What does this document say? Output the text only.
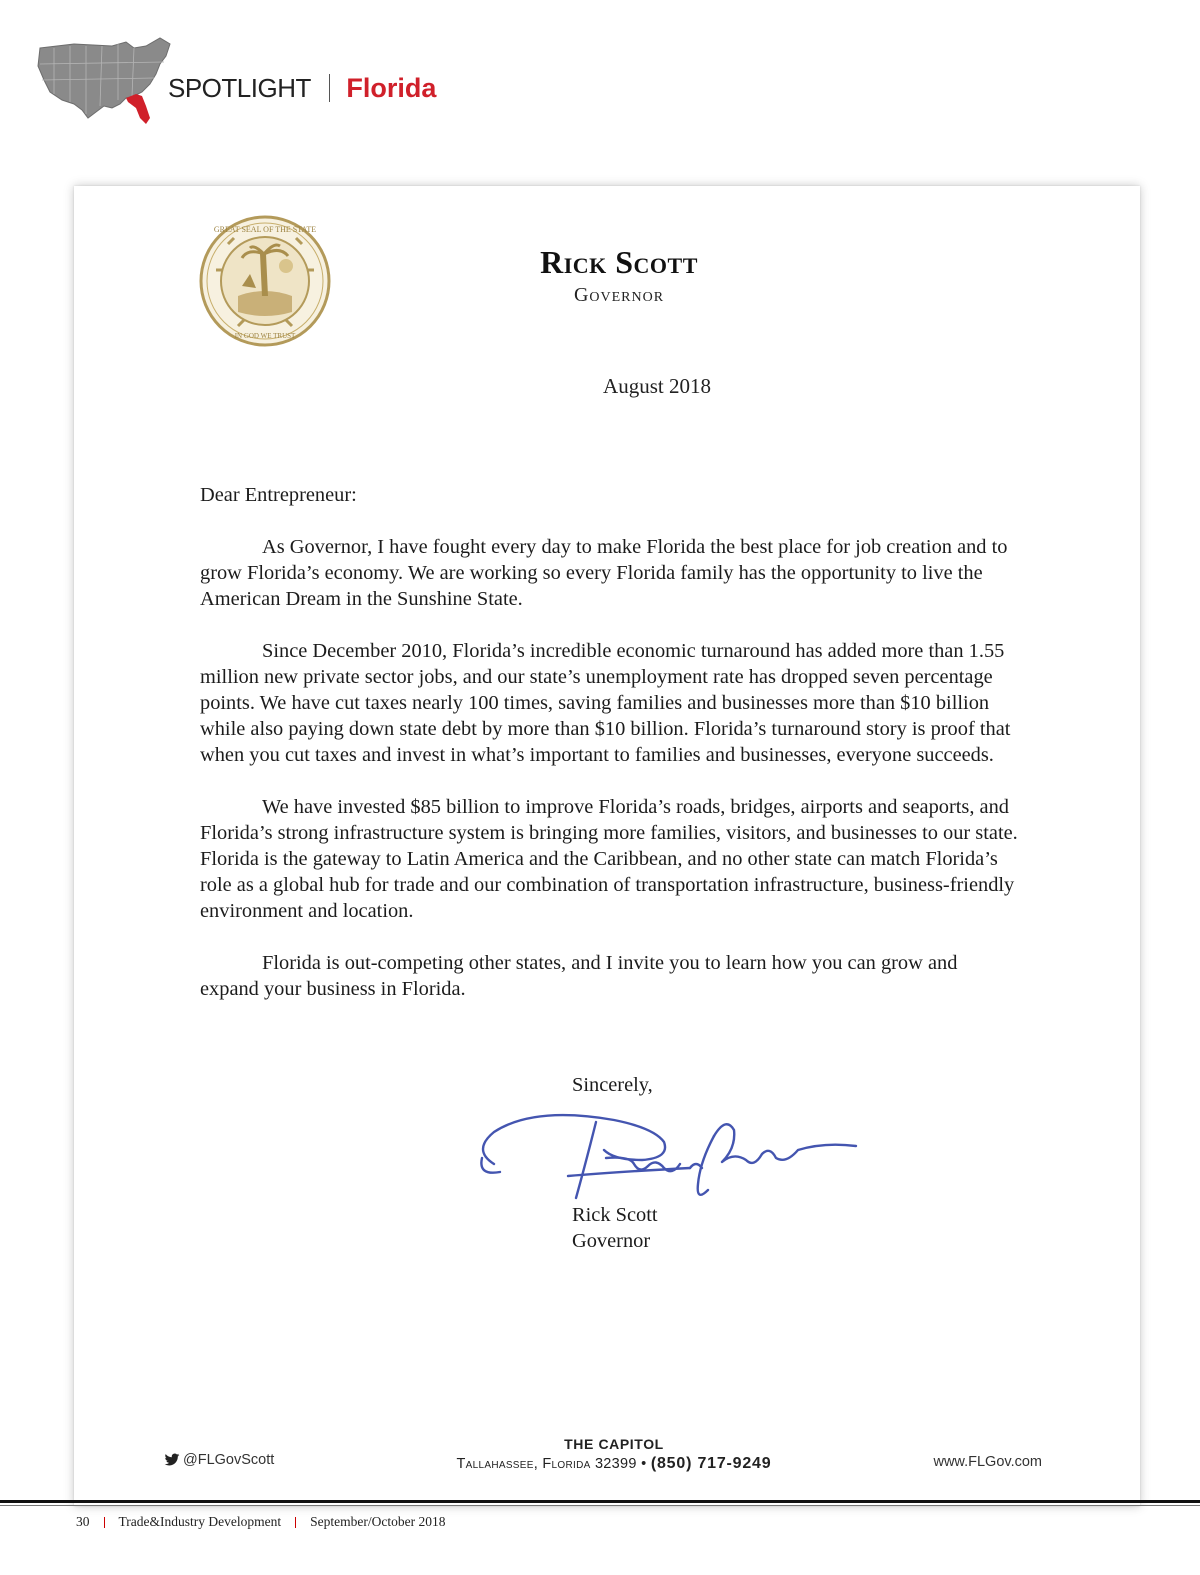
SPOTLIGHT Florida
GREAT SEAL OF THE STATE
IN GOD WE TRUST
Rick Scott
Governor
August 2018

Dear Entrepreneur:

As Governor, I have fought every day to make Florida the best place for job creation and to grow Florida’s economy. We are working so every Florida family has the opportunity to live the American Dream in the Sunshine State.

Since December 2010, Florida’s incredible economic turnaround has added more than 1.55 million new private sector jobs, and our state’s unemployment rate has dropped seven percentage points. We have cut taxes nearly 100 times, saving families and businesses more than $10 billion while also paying down state debt by more than $10 billion. Florida’s turnaround story is proof that when you cut taxes and invest in what’s important to families and businesses, everyone succeeds.

We have invested $85 billion to improve Florida’s roads, bridges, airports and seaports, and Florida’s strong infrastructure system is bringing more families, visitors, and businesses to our state. Florida is the gateway to Latin America and the Caribbean, and no other state can match Florida’s role as a global hub for trade and our combination of transportation infrastructure, business-friendly environment and location.

Florida is out-competing other states, and I invite you to learn how you can grow and expand your business in Florida.

Sincerely,
Rick Scott
Governor
@FLGovScott
THE CAPITOL
Tallahassee, Florida 32399 • (850) 717-9249	www.FLGov.com
30 Trade&Industry Development September/October 2018
